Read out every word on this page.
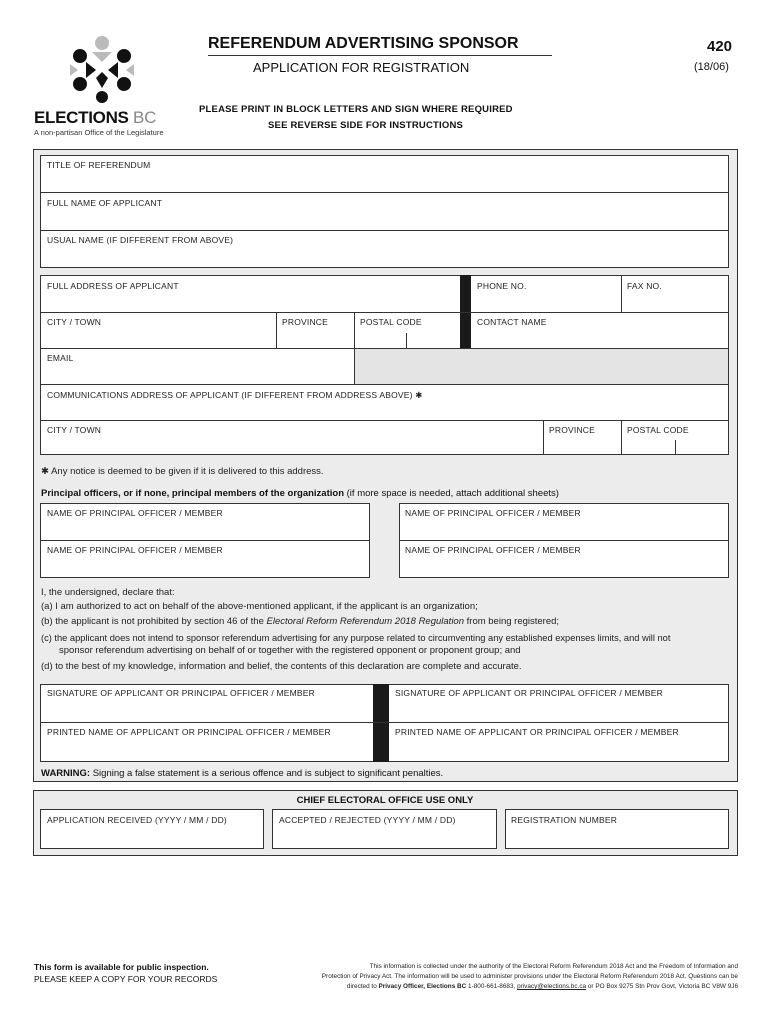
ELECTIONS BC
A non-partisan Office of the Legislature
REFERENDUM ADVERTISING SPONSOR
APPLICATION FOR REGISTRATION
420
(18/06)
PLEASE PRINT IN BLOCK LETTERS AND SIGN WHERE REQUIRED
SEE REVERSE SIDE FOR INSTRUCTIONS
TITLE OF REFERENDUM
FULL NAME OF APPLICANT
USUAL NAME (IF DIFFERENT FROM ABOVE)
FULL ADDRESS OF APPLICANT	PHONE NO.	FAX NO.
CITY / TOWN	PROVINCE	POSTAL CODE	CONTACT NAME
EMAIL
COMMUNICATIONS ADDRESS OF APPLICANT (IF DIFFERENT FROM ADDRESS ABOVE) ✱
CITY / TOWN	PROVINCE	POSTAL CODE
✱ Any notice is deemed to be given if it is delivered to this address.
Principal officers, or if none, principal members of the organization (if more space is needed, attach additional sheets)
NAME OF PRINCIPAL OFFICER / MEMBER	NAME OF PRINCIPAL OFFICER / MEMBER
NAME OF PRINCIPAL OFFICER / MEMBER	NAME OF PRINCIPAL OFFICER / MEMBER
I, the undersigned, declare that:
(a) I am authorized to act on behalf of the above-mentioned applicant, if the applicant is an organization;
(b) the applicant is not prohibited by section 46 of the Electoral Reform Referendum 2018 Regulation from being registered;
(c) the applicant does not intend to sponsor referendum advertising for any purpose related to circumventing any established expenses limits, and will not
sponsor referendum advertising on behalf of or together with the registered opponent or proponent group; and
(d) to the best of my knowledge, information and belief, the contents of this declaration are complete and accurate.
SIGNATURE OF APPLICANT OR PRINCIPAL OFFICER / MEMBER	SIGNATURE OF APPLICANT OR PRINCIPAL OFFICER / MEMBER
PRINTED NAME OF APPLICANT OR PRINCIPAL OFFICER / MEMBER	PRINTED NAME OF APPLICANT OR PRINCIPAL OFFICER / MEMBER
WARNING: Signing a false statement is a serious offence and is subject to significant penalties.
CHIEF ELECTORAL OFFICE USE ONLY
APPLICATION RECEIVED (YYYY / MM / DD)	ACCEPTED / REJECTED (YYYY / MM / DD)	REGISTRATION NUMBER
This form is available for public inspection.
PLEASE KEEP A COPY FOR YOUR RECORDS
This information is collected under the authority of the Electoral Reform Referendum 2018 Act and the Freedom of Information and
Protection of Privacy Act. The information will be used to administer provisions under the Electoral Reform Referendum 2018 Act. Questions can be
directed to Privacy Officer, Elections BC 1-800-661-8683, privacy@elections.bc.ca or PO Box 9275 Stn Prov Govt, Victoria BC V8W 9J6
